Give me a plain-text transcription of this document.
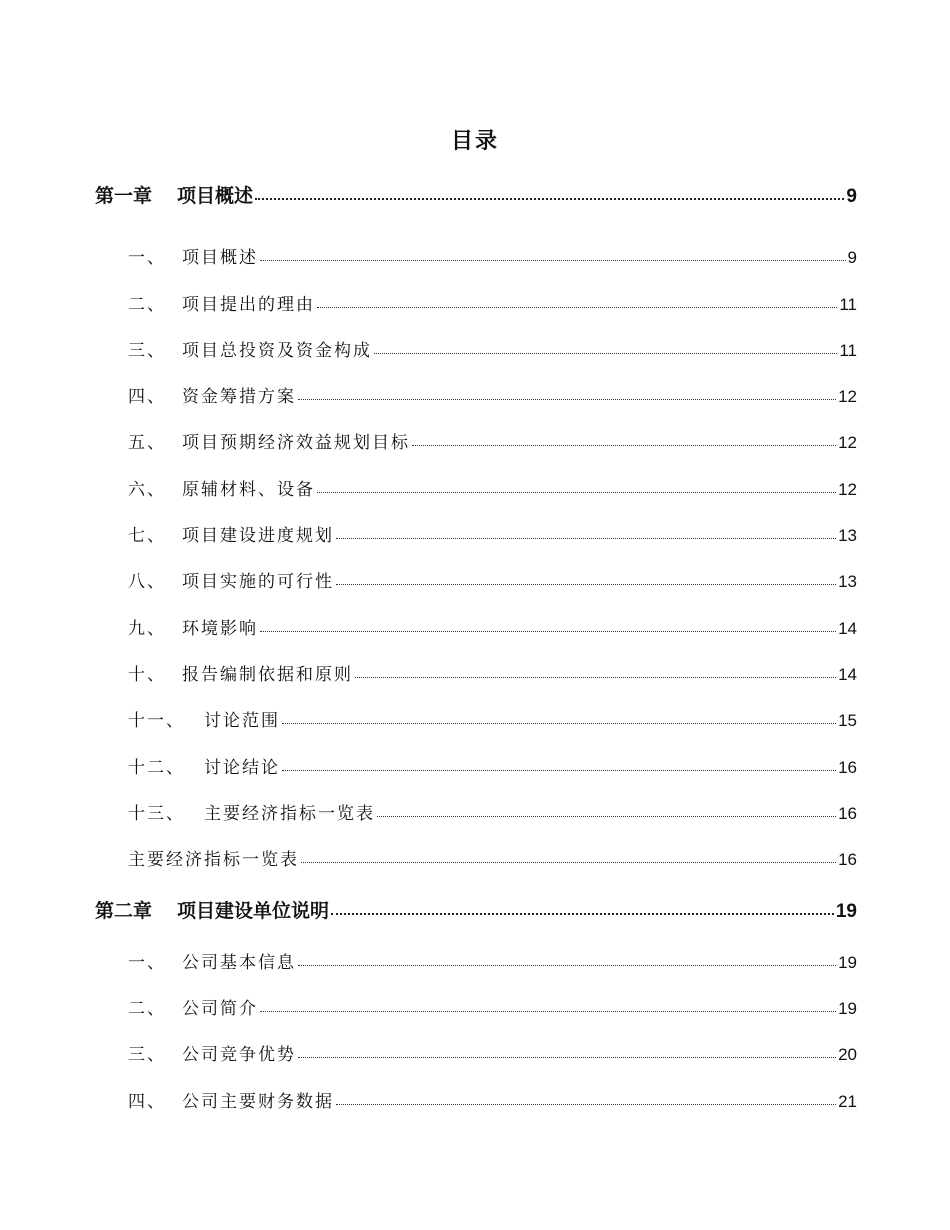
目录
第一章	项目概述	9
一、 项目概述	9
二、 项目提出的理由	11
三、 项目总投资及资金构成	11
四、 资金筹措方案	12
五、 项目预期经济效益规划目标	12
六、 原辅材料、设备	12
七、 项目建设进度规划	13
八、 项目实施的可行性	13
九、 环境影响	14
十、 报告编制依据和原则	14
十一、	讨论范围	15
十二、	讨论结论	16
十三、	主要经济指标一览表	16
主要经济指标一览表	16
第二章	项目建设单位说明	19
一、 公司基本信息	19
二、 公司简介	19
三、 公司竞争优势	20
四、 公司主要财务数据	21
